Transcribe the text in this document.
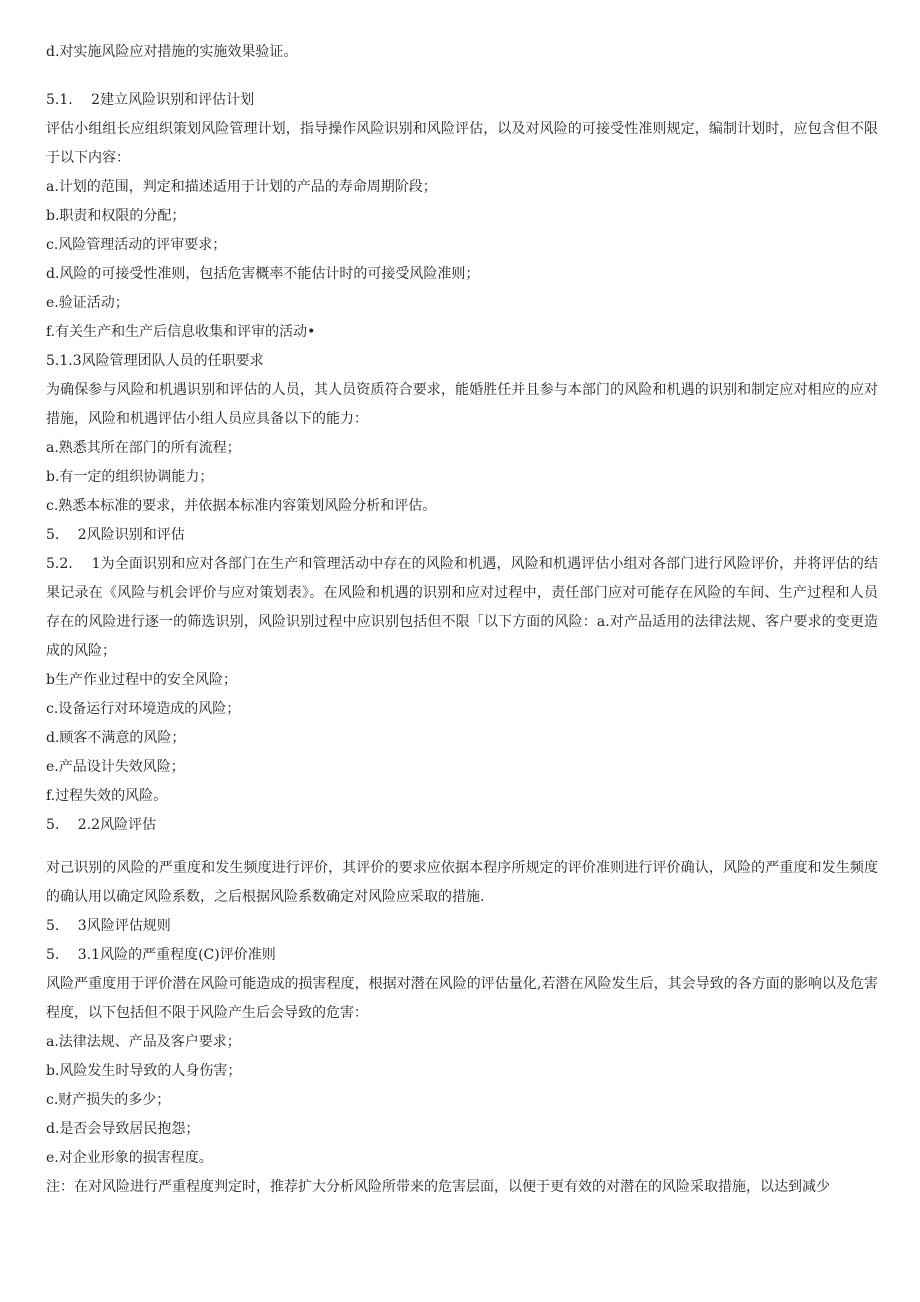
d.对实施风险应对措施的实施效果验证。
5.1.　 2建立风险识别和评估计划
评估小组组长应组织策划风险管理计划，指导操作风险识别和风险评估，以及对风险的可接受性准则规定，编制计划时，应包含但不限于以下内容：
a.计划的范围，判定和描述适用于计划的产品的寿命周期阶段；
b.职责和权限的分配；
c.风险管理活动的评审要求；
d.风险的可接受性准则，包括危害概率不能估计时的可接受风险准则；
e.验证活动；
f.有关生产和生产后信息收集和评审的活动•
5.1.3风险管理团队人员的任职要求
为确保参与风险和机遇识别和评估的人员，其人员资质符合要求，能婚胜任并且参与本部门的风险和机遇的识别和制定应对相应的应对措施，风险和机遇评估小组人员应具备以下的能力：
a.熟悉其所在部门的所有流程；
b.有一定的组织协调能力；
c.熟悉本标准的要求，并依据本标准内容策划风险分析和评估。
5.　 2风险识别和评估
5.2.　 1为全面识别和应对各部门在生产和管理活动中存在的风险和机遇，风险和机遇评估小组对各部门进行风险评价，并将评估的结果记录在《风险与机会评价与应对策划表》。在风险和机遇的识别和应对过程中，责任部门应对可能存在风险的车间、生产过程和人员存在的风险进行逐一的筛选识别，风险识别过程中应识别包括但不限「以下方面的风险：a.对产品适用的法律法规、客户要求的变更造成的风险；
b生产作业过程中的安全风险；
c.设备运行对环境造成的风险；
d.顾客不满意的风险；
e.产品设计失效风险；
f.过程失效的风险。
5.　 2.2风险评估
对己识别的风险的严重度和发生频度进行评价，其评价的要求应依据本程序所规定的评价准则进行评价确认，风险的严重度和发生频度的确认用以确定风险系数，之后根据风险系数确定对风险应采取的措施.
5.　 3风险评估规则
5.　 3.1风险的严重程度(C)评价准则
风险严重度用于评价潜在风险可能造成的损害程度，根据对潜在风险的评估量化,若潜在风险发生后，其会导致的各方面的影响以及危害程度，以下包括但不限于风险产生后会导致的危害：
a.法律法规、产品及客户要求；
b.风险发生时导致的人身伤害；
c.财产损失的多少；
d.是否会导致居民抱怨；
e.对企业形象的损害程度。
注：在对风险进行严重程度判定时，推荐扩大分析风险所带来的危害层面，以便于更有效的对潜在的风险采取措施，以达到减少
